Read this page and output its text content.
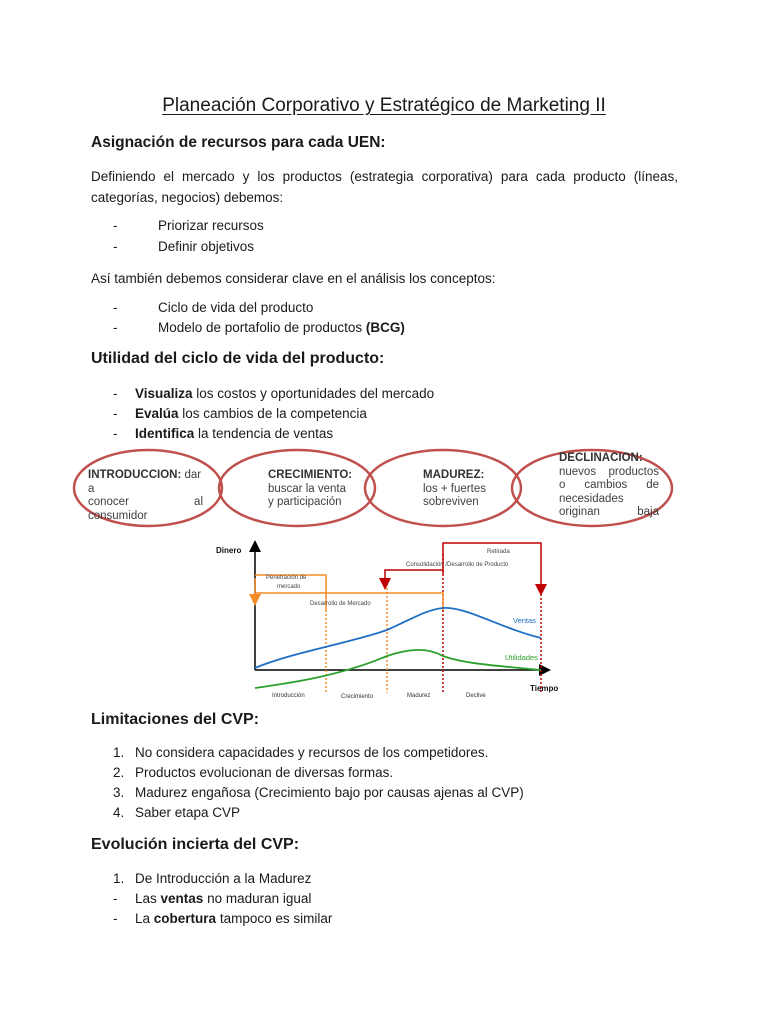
Planeación Corporativo y Estratégico de Marketing II
Asignación de recursos para cada UEN:
Definiendo el mercado y los productos (estrategia corporativa) para cada producto (líneas, categorías, negocios) debemos:
-	Priorizar recursos
-	Definir objetivos
Así también debemos considerar clave en el análisis los conceptos:
-	Ciclo de vida del producto
-	Modelo de portafolio de productos (BCG)
Utilidad del ciclo de vida del producto:
- Visualiza los costos y oportunidades del mercado
- Evalúa los cambios de la competencia
- Identifica la tendencia de ventas
INTRODUCCIÓN: dar a
conocer	al
consumidor
CRECIMIENTO:
buscar la venta
y participación
MADUREZ:
los + fuertes
sobreviven
DECLINACIÓN:
nuevos productos
o cambios de
necesidades
originan	baja
Dinero
Tiempo
Retirada
Consolidación /Desarrollo de Producto
Penetración de
mercado
Desarrollo de Mercado
Ventas
Utilidades
Introducción	Crecimiento	Madurez	Declive
Limitaciones del CVP:
1. No considera capacidades y recursos de los competidores.
2. Productos evolucionan de diversas formas.
3. Madurez engañosa (Crecimiento bajo por causas ajenas al CVP)
4. Saber etapa CVP
Evolución incierta del CVP:
1. De Introducción a la Madurez
- Las ventas no maduran igual
- La cobertura tampoco es similar
